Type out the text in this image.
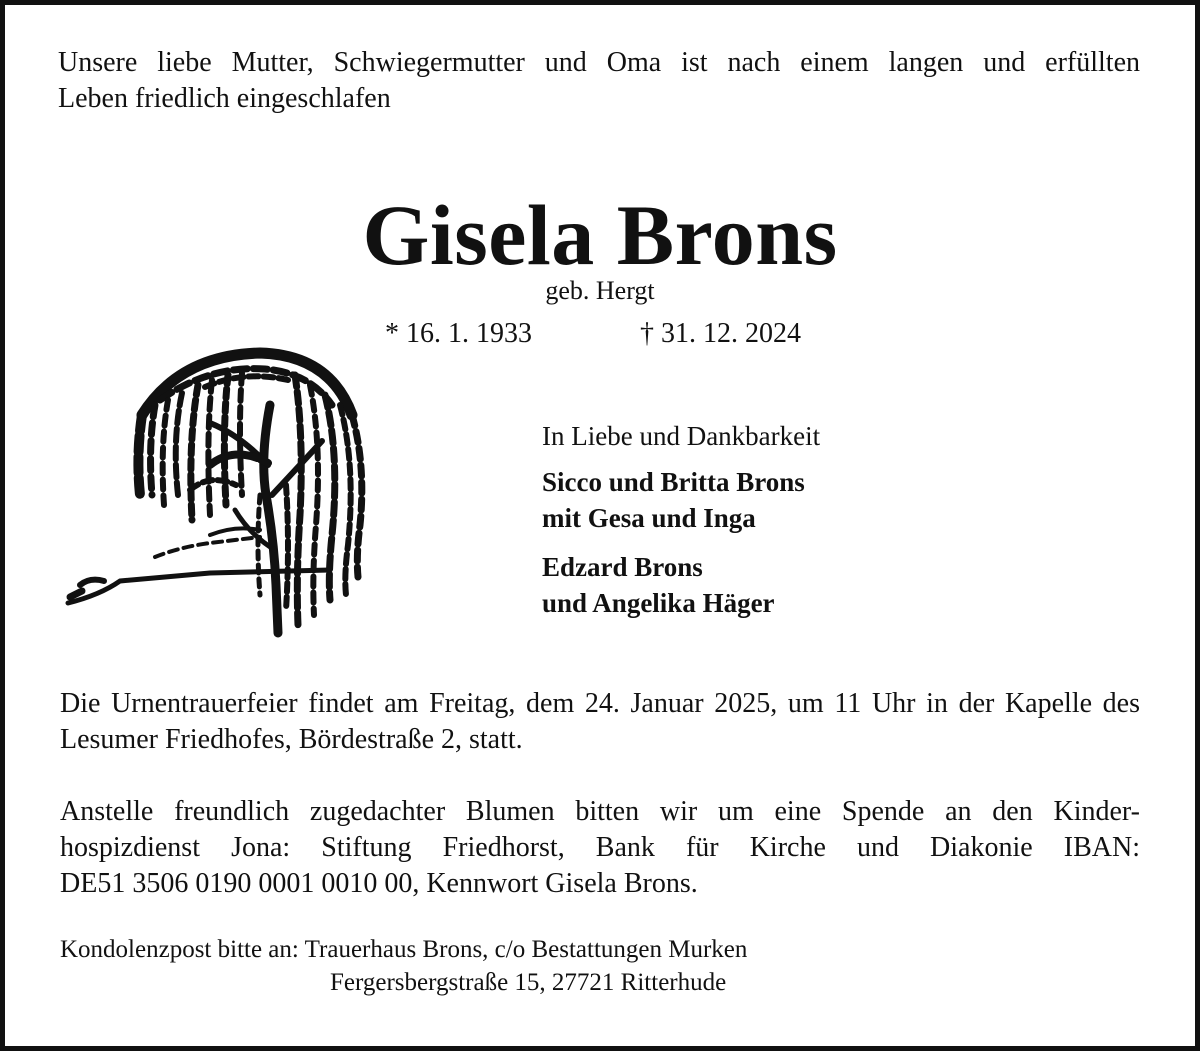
Unsere liebe Mutter, Schwiegermutter und Oma ist nach einem langen und erfüllten
Leben friedlich eingeschlafen
Gisela Brons
geb. Hergt
* 16. 1. 1933	† 31. 12. 2024
In Liebe und Dankbarkeit
Sicco und Britta Brons
mit Gesa und Inga
Edzard Brons
und Angelika Häger
Die Urnentrauerfeier findet am Freitag, dem 24. Januar 2025, um 11 Uhr in der Kapelle des
Lesumer Friedhofes, Bördestraße 2, statt.
Anstelle freundlich zugedachter Blumen bitten wir um eine Spende an den Kinder-
hospizdienst Jona: Stiftung Friedhorst, Bank für Kirche und Diakonie IBAN:
DE51 3506 0190 0001 0010 00, Kennwort Gisela Brons.
Kondolenzpost bitte an: Trauerhaus Brons, c/o Bestattungen Murken
Fergersbergstraße 15, 27721 Ritterhude
